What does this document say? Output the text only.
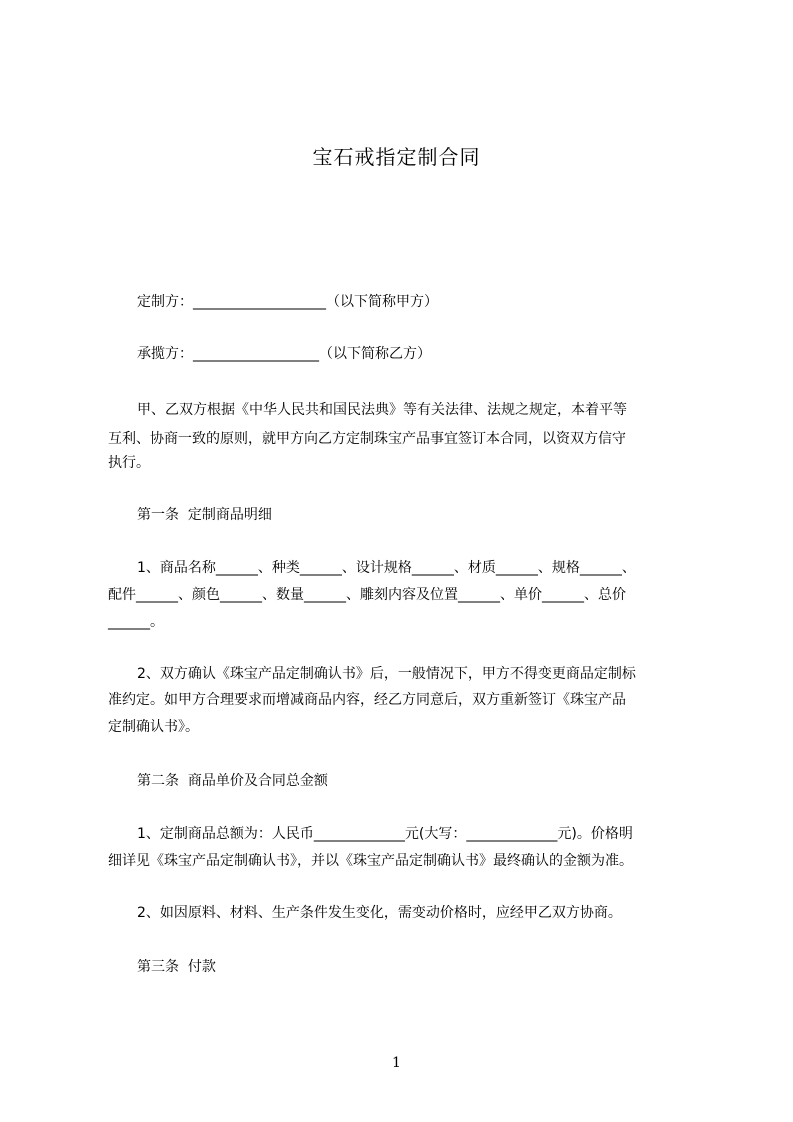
宝石戒指定制合同
定制方：___________________（以下简称甲方）
承揽方：__________________（以下简称乙方）
甲、乙双方根据《中华人民共和国民法典》等有关法律、法规之规定，本着平等
互利、协商一致的原则，就甲方向乙方定制珠宝产品事宜签订本合同，以资双方信守
执行。
第一条  定制商品明细
1、商品名称______、种类______、设计规格______、材质______、规格______、
配件______、颜色______、数量______、雕刻内容及位置______、单价______、总价
______。
2、双方确认《珠宝产品定制确认书》后，一般情况下，甲方不得变更商品定制标
准约定。如甲方合理要求而增减商品内容，经乙方同意后，双方重新签订《珠宝产品
定制确认书》。
第二条  商品单价及合同总金额
1、定制商品总额为：人民币_____________元(大写：_____________元)。价格明
细详见《珠宝产品定制确认书》，并以《珠宝产品定制确认书》最终确认的金额为准。
2、如因原料、材料、生产条件发生变化，需变动价格时，应经甲乙双方协商。
第三条  付款
1
